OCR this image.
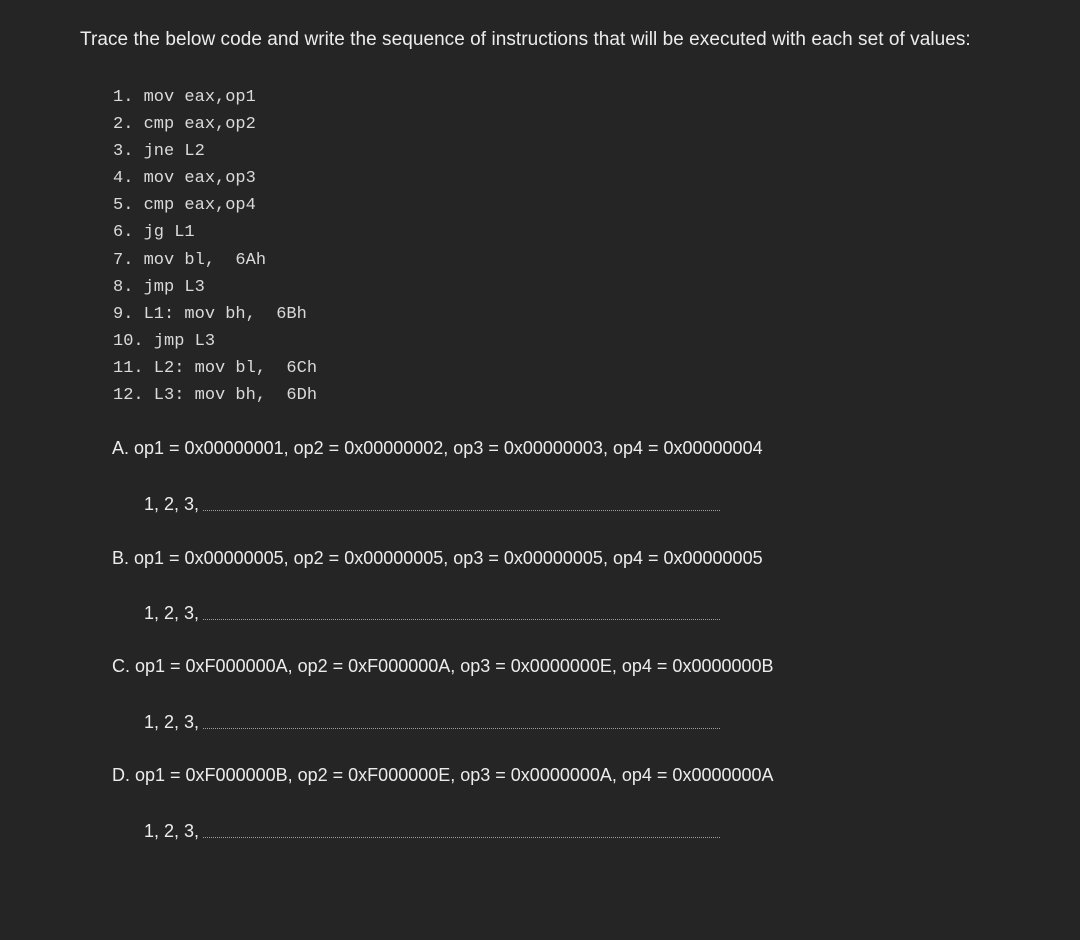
Trace the below code and write the sequence of instructions that will be executed with each set of values:
1. mov eax,op1
2. cmp eax,op2
3. jne L2
4. mov eax,op3
5. cmp eax,op4
6. jg L1
7. mov bl,  6Ah
8. jmp L3
9. L1: mov bh,  6Bh
10. jmp L3
11. L2: mov bl,  6Ch
12. L3: mov bh,  6Dh
A. op1 = 0x00000001, op2 = 0x00000002, op3 = 0x00000003, op4 = 0x00000004
1, 2, 3,
B. op1 = 0x00000005, op2 = 0x00000005, op3 = 0x00000005, op4 = 0x00000005
1, 2, 3,
C. op1 = 0xF000000A, op2 = 0xF000000A, op3 = 0x0000000E, op4 = 0x0000000B
1, 2, 3,
D. op1 = 0xF000000B, op2 = 0xF000000E, op3 = 0x0000000A, op4 = 0x0000000A
1, 2, 3,
